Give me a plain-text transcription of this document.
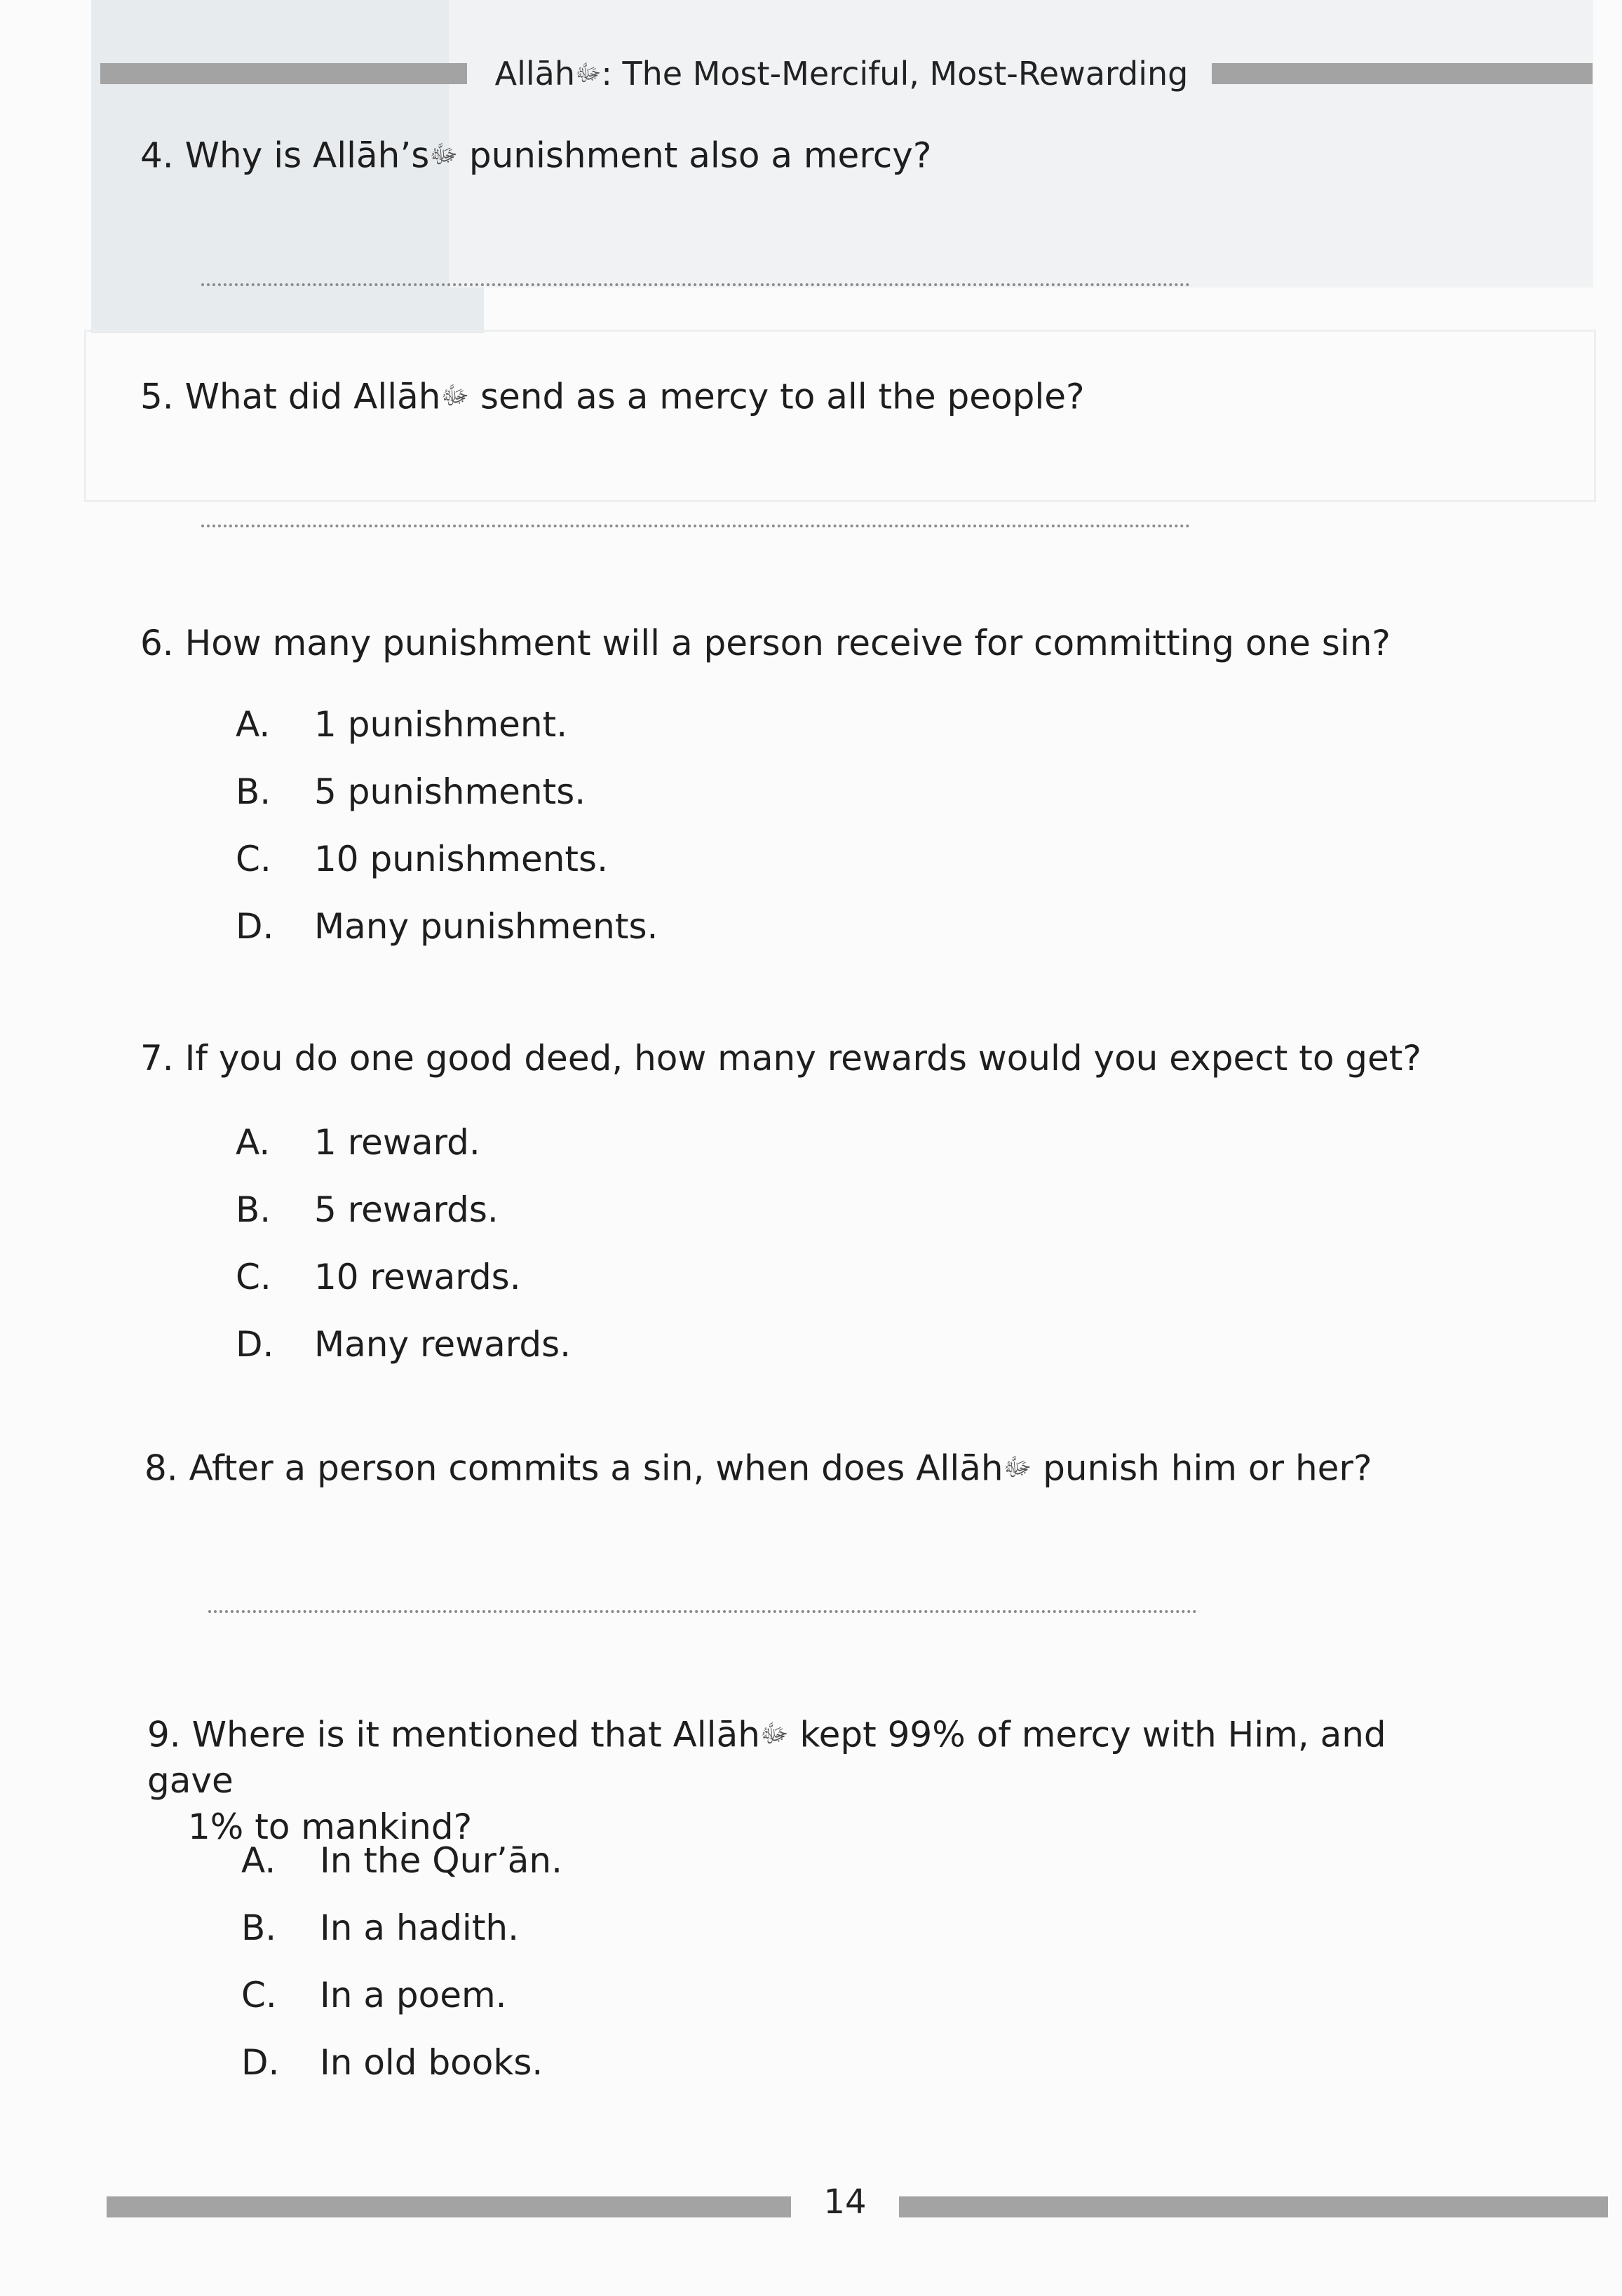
Allāhﷻ: The Most-Merciful, Most-Rewarding
4. Why is Allāh’sﷻ punishment also a mercy?
5. What did Allāhﷻ send as a mercy to all the people?
6. How many punishment will a person receive for committing one sin?
A. 1 punishment.
B. 5 punishments.
C. 10 punishments.
D. Many punishments.
7. If you do one good deed, how many rewards would you expect to get?
A. 1 reward.
B. 5 rewards.
C. 10 rewards.
D. Many rewards.
8. After a person commits a sin, when does Allāhﷻ punish him or her?
9. Where is it mentioned that Allāhﷻ kept 99% of mercy with Him, and gave
1% to mankind?
A. In the Qur’ān.
B. In a hadith.
C. In a poem.
D. In old books.
14
